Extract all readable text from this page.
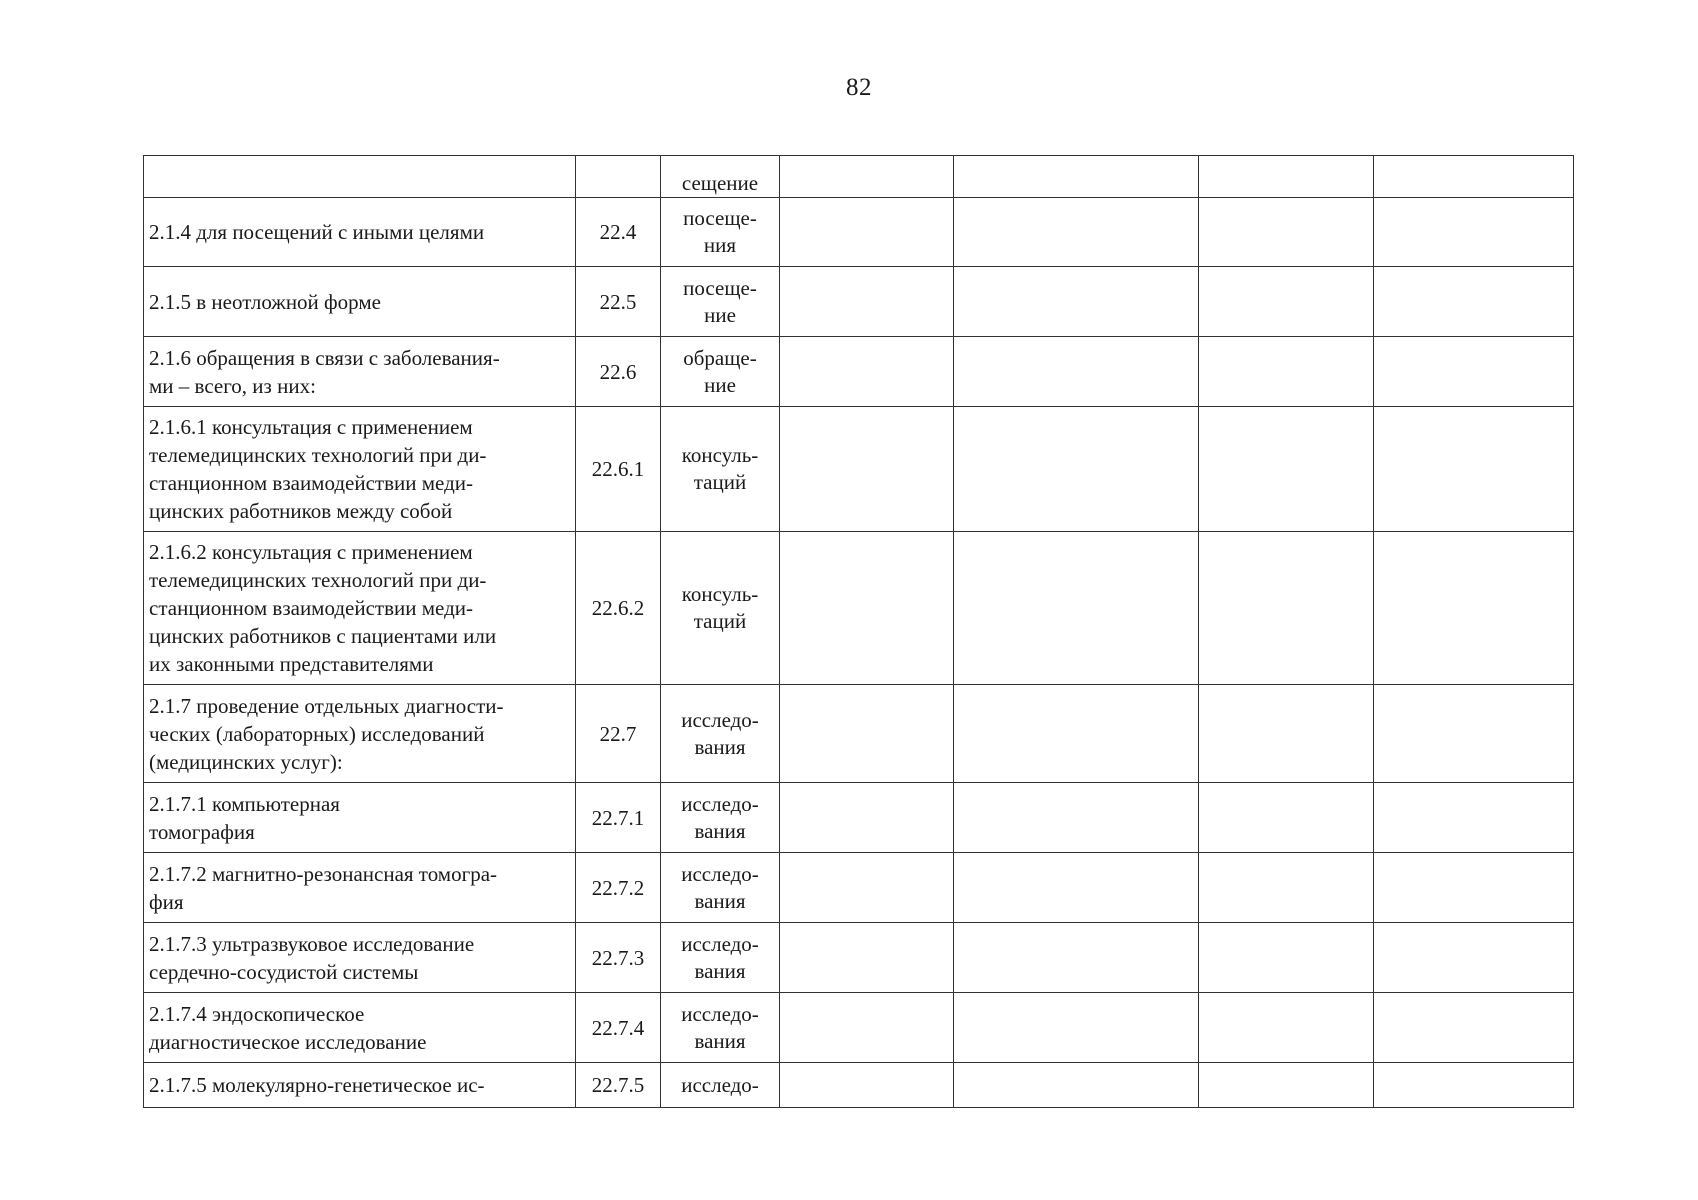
82
		сещение				
2.1.4 для посещений с иными целями	22.4	посеще-
ния				
2.1.5 в неотложной форме	22.5	посеще-
ние				
2.1.6 обращения в связи с заболевания-
ми – всего, из них:	22.6	обраще-
ние				
2.1.6.1 консультация с применением
телемедицинских технологий при ди-
станционном взаимодействии меди-
цинских работников между собой	22.6.1	консуль-
таций				
2.1.6.2 консультация с применением
телемедицинских технологий при ди-
станционном взаимодействии меди-
цинских работников с пациентами или
их законными представителями	22.6.2	консуль-
таций				
2.1.7 проведение отдельных диагности-
ческих (лабораторных) исследований
(медицинских услуг):	22.7	исследо-
вания				
2.1.7.1 компьютерная
томография	22.7.1	исследо-
вания				
2.1.7.2 магнитно-резонансная томогра-
фия	22.7.2	исследо-
вания				
2.1.7.3 ультразвуковое исследование
сердечно-сосудистой системы	22.7.3	исследо-
вания				
2.1.7.4 эндоскопическое
диагностическое исследование	22.7.4	исследо-
вания				
2.1.7.5 молекулярно-генетическое ис-	22.7.5	исследо-				
